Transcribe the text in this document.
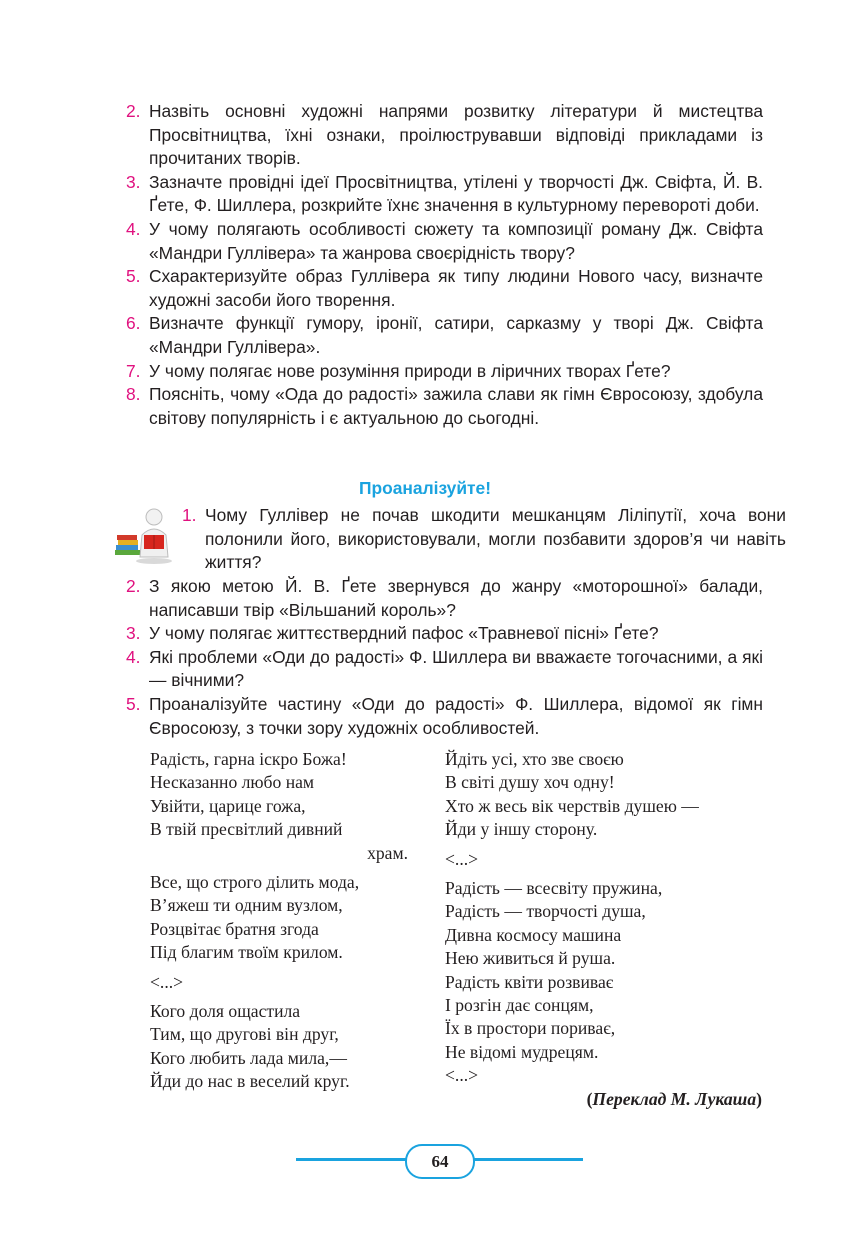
2. Назвіть основні художні напрями розвитку літератури й мистецтва Просвітництва, їхні ознаки, проілюструвавши відповіді прикладами із прочитаних творів.
3. Зазначте провідні ідеї Просвітництва, утілені у творчості Дж. Свіфта, Й. В. Ґете, Ф. Шиллера, розкрийте їхнє значення в культурному перевороті доби.
4. У чому полягають особливості сюжету та композиції роману Дж. Свіфта «Мандри Гуллівера» та жанрова своєрідність твору?
5. Схарактеризуйте образ Гуллівера як типу людини Нового часу, визначте художні засоби його творення.
6. Визначте функції гумору, іронії, сатири, сарказму у творі Дж. Свіфта «Мандри Гуллівера».
7. У чому полягає нове розуміння природи в ліричних творах Ґете?
8. Поясніть, чому «Ода до радості» зажила слави як гімн Євросоюзу, здобула світову популярність і є актуальною до сьогодні.
Проаналізуйте!
1. Чому Гуллівер не почав шкодити мешканцям Ліліпутії, хоча вони полонили його, використовували, могли позбавити здоров’я чи навіть життя?
2. З якою метою Й. В. Ґете звернувся до жанру «моторошної» балади, написавши твір «Вільшаний король»?
3. У чому полягає життєствердний пафос «Травневої пісні» Ґете?
4. Які проблеми «Оди до радості» Ф. Шиллера ви вважаєте тогочасними, а які — вічними?
5. Проаналізуйте частину «Оди до радості» Ф. Шиллера, відомої як гімн Євросоюзу, з точки зору художніх особливостей.
Радість, гарна іскро Божа!
Несказанно любо нам
Увійти, царице гожа,
В твій пресвітлий дивний
храм.
Все, що строго ділить мода,
В’яжеш ти одним вузлом,
Розцвітає братня згода
Під благим твоїм крилом.
<...>
Кого доля ощастила
Тим, що другові він друг,
Кого любить лада мила,—
Йди до нас в веселий круг.
Йдіть усі, хто зве своєю
В світі душу хоч одну!
Хто ж весь вік черствів душею —
Йди у іншу сторону.
<...>
Радість — всесвіту пружина,
Радість — творчості душа,
Дивна космосу машина
Нею живиться й руша.
Радість квіти розвиває
І розгін дає сонцям,
Їх в простори пориває,
Не відомі мудрецям.
<...>
(Переклад М. Лукаша)
64
